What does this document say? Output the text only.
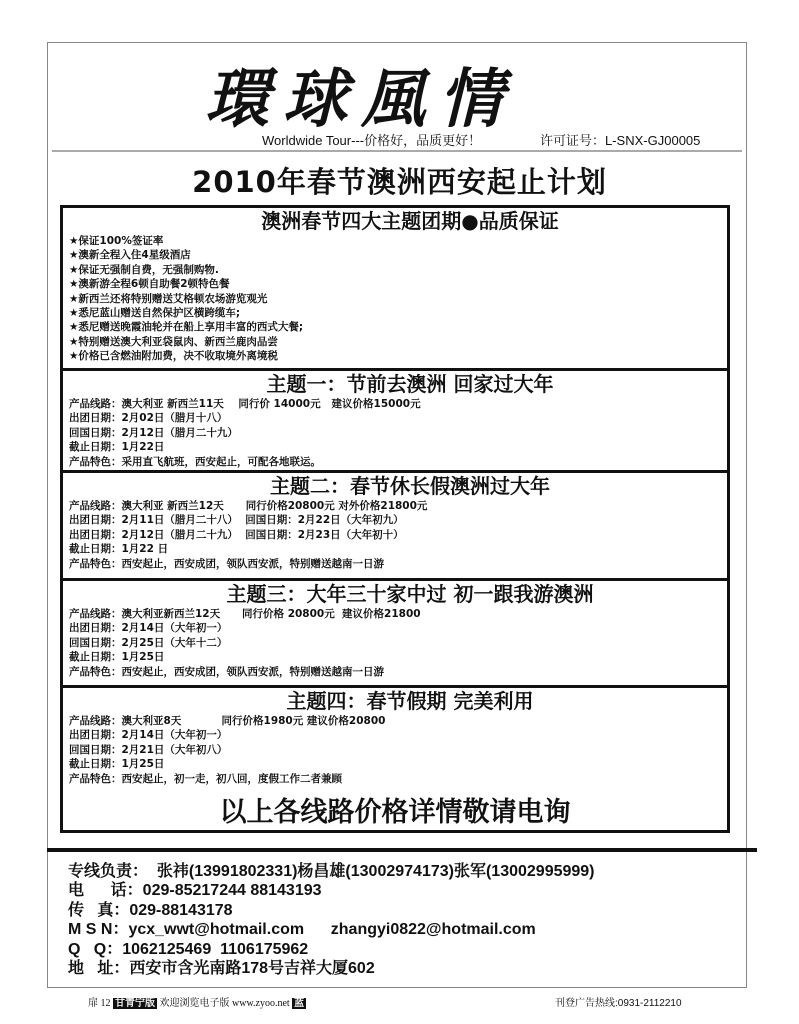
環球風情
Worldwide Tour---价格好，品质更好！	许可证号：L-SNX-GJ00005
2010年春节澳洲西安起止计划
澳洲春节四大主题团期●品质保证

★保证100%签证率

★澳新全程入住4星级酒店

★保证无强制自费，无强制购物.

★澳新游全程6顿自助餐2顿特色餐

★新西兰还将特别赠送艾格顿农场游览观光

★悉尼蓝山赠送自然保护区横跨缆车;

★悉尼赠送晚霞油轮并在船上享用丰富的西式大餐;

★特别赠送澳大利亚袋鼠肉、新西兰鹿肉品尝

★价格已含燃油附加费，决不收取境外离境税

主题一：节前去澳洲 回家过大年

产品线路：澳大利亚 新西兰11天    同行价 14000元   建议价格15000元

出团日期：2月02日（腊月十八）

回国日期：2月12日（腊月二十九）

截止日期：1月22日

产品特色：采用直飞航班，西安起止，可配各地联运。

主题二：春节休长假澳洲过大年

产品线路：澳大利亚 新西兰12天      同行价格20800元 对外价格21800元

出团日期：2月11日（腊月二十八）  回国日期：2月22日（大年初九）

出团日期：2月12日（腊月二十九）  回国日期：2月23日（大年初十）

截止日期：1月22 日

产品特色：西安起止，西安成团，领队西安派，特别赠送越南一日游

主题三：大年三十家中过 初一跟我游澳洲

产品线路：澳大利亚新西兰12天      同行价格 20800元  建议价格21800

出团日期：2月14日（大年初一）

回国日期：2月25日（大年十二）

截止日期：1月25日

产品特色：西安起止，西安成团，领队西安派，特别赠送越南一日游

主题四：春节假期 完美利用

产品线路：澳大利亚8天           同行价格1980元 建议价格20800

出团日期：2月14日（大年初一）

回国日期：2月21日（大年初八）

截止日期：1月25日

产品特色：西安起止，初一走，初八回，度假工作二者兼顾

以上各线路价格详情敬请电询
专线负责：  张祎(13991802331)杨昌雄(13002974173)张军(13002995999)
电      话：029-85217244 88143193
传   真：029-88143178
M S N：ycx_wwt@hotmail.com      zhangyi0822@hotmail.com
Q   Q：1062125469  1106175962
地   址：西安市含光南路178号吉祥大厦602
扉 12 甘青宁版 欢迎浏览电子版 www.zyoo.net 蓝	刊登广告热线:0931-2112210
